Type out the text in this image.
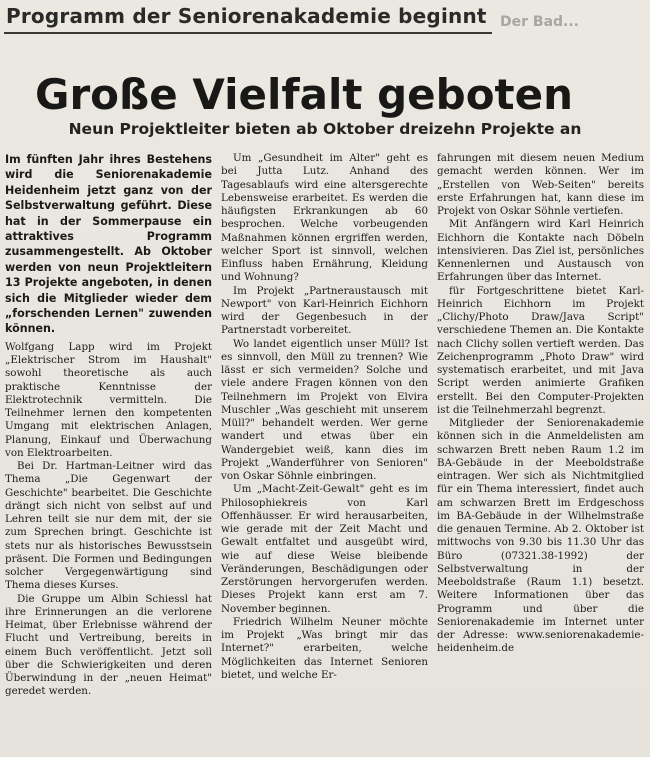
Programm der Seniorenakademie beginnt Der Bad...
Große Vielfalt geboten
Neun Projektleiter bieten ab Oktober dreizehn Projekte an

Im fünften Jahr ihres Bestehens wird die Seniorenakademie Heidenheim jetzt ganz von der Selbstverwaltung geführt. Diese hat in der Sommerpause ein attraktives Programm zusammengestellt. Ab Oktober werden von neun Projektleitern 13 Projekte angeboten, in denen sich die Mitglieder wieder dem „forschenden Lernen" zuwenden können.

Wolfgang Lapp wird im Projekt „Elektrischer Strom im Haushalt" sowohl theoretische als auch praktische Kenntnisse der Elektrotechnik vermitteln. Die Teilnehmer lernen den kompetenten Umgang mit elektrischen Anlagen, Planung, Einkauf und Überwachung von Elektroarbeiten.

Bei Dr. Hartman-Leitner wird das Thema „Die Gegenwart der Geschichte" bearbeitet. Die Geschichte drängt sich nicht von selbst auf und Lehren teilt sie nur dem mit, der sie zum Sprechen bringt. Geschichte ist stets nur als historisches Bewusstsein präsent. Die Formen und Bedingungen solcher Vergegenwärtigung sind Thema dieses Kurses.

Die Gruppe um Albin Schiessl hat ihre Erinnerungen an die verlorene Heimat, über Erlebnisse während der Flucht und Vertreibung, bereits in einem Buch veröffentlicht. Jetzt soll über die Schwierigkeiten und deren Überwindung in der „neuen Heimat" geredet werden.

Um „Gesundheit im Alter" geht es bei Jutta Lutz. Anhand des Tagesablaufs wird eine altersgerechte Lebensweise erarbeitet. Es werden die häufigsten Erkrankungen ab 60 besprochen. Welche vorbeugenden Maßnahmen können ergriffen werden, welcher Sport ist sinnvoll, welchen Einfluss haben Ernährung, Kleidung und Wohnung?

Im Projekt „Partneraustausch mit Newport" von Karl-Heinrich Eichhorn wird der Gegenbesuch in der Partnerstadt vorbereitet.

Wo landet eigentlich unser Müll? Ist es sinnvoll, den Müll zu trennen? Wie lässt er sich vermeiden? Solche und viele andere Fragen können von den Teilnehmern im Projekt von Elvira Muschler „Was geschieht mit unserem Müll?" behandelt werden. Wer gerne wandert und etwas über ein Wandergebiet weiß, kann dies im Projekt „Wanderführer von Senioren" von Oskar Söhnle einbringen.

Um „Macht-Zeit-Gewalt" geht es im Philosophiekreis von Karl Offenhäusser. Er wird herausarbeiten, wie gerade mit der Zeit Macht und Gewalt entfaltet und ausgeübt wird, wie auf diese Weise bleibende Veränderungen, Beschädigungen oder Zerstörungen hervorgerufen werden. Dieses Projekt kann erst am 7. November beginnen.

Friedrich Wilhelm Neuner möchte im Projekt „Was bringt mir das Internet?" erarbeiten, welche Möglichkeiten das Internet Senioren bietet, und welche Er-

fahrungen mit diesem neuen Medium gemacht werden können. Wer im „Erstellen von Web-Seiten" bereits erste Erfahrungen hat, kann diese im Projekt von Oskar Söhnle vertiefen.

Mit Anfängern wird Karl Heinrich Eichhorn die Kontakte nach Döbeln intensivieren. Das Ziel ist, persönliches Kennenlernen und Austausch von Erfahrungen über das Internet.

für Fortgeschrittene bietet Karl-Heinrich Eichhorn im Projekt „Clichy/Photo Draw/Java Script" verschiedene Themen an. Die Kontakte nach Clichy sollen vertieft werden. Das Zeichenprogramm „Photo Draw" wird systematisch erarbeitet, und mit Java Script werden animierte Grafiken erstellt. Bei den Computer-Projekten ist die Teilnehmerzahl begrenzt.

Mitglieder der Seniorenakademie können sich in die Anmeldelisten am schwarzen Brett neben Raum 1.2 im BA-Gebäude in der Meeboldstraße eintragen. Wer sich als Nichtmitglied für ein Thema interessiert, findet auch am schwarzen Brett im Erdgeschoss im BA-Gebäude in der Wilhelmstraße die genauen Termine. Ab 2. Oktober ist mittwochs von 9.30 bis 11.30 Uhr das Büro (07321.38-1992) der Selbstverwaltung in der Meeboldstraße (Raum 1.1) besetzt. Weitere Informationen über das Programm und über die Seniorenakademie im Internet unter der Adresse: www.seniorenakademie-heidenheim.de
